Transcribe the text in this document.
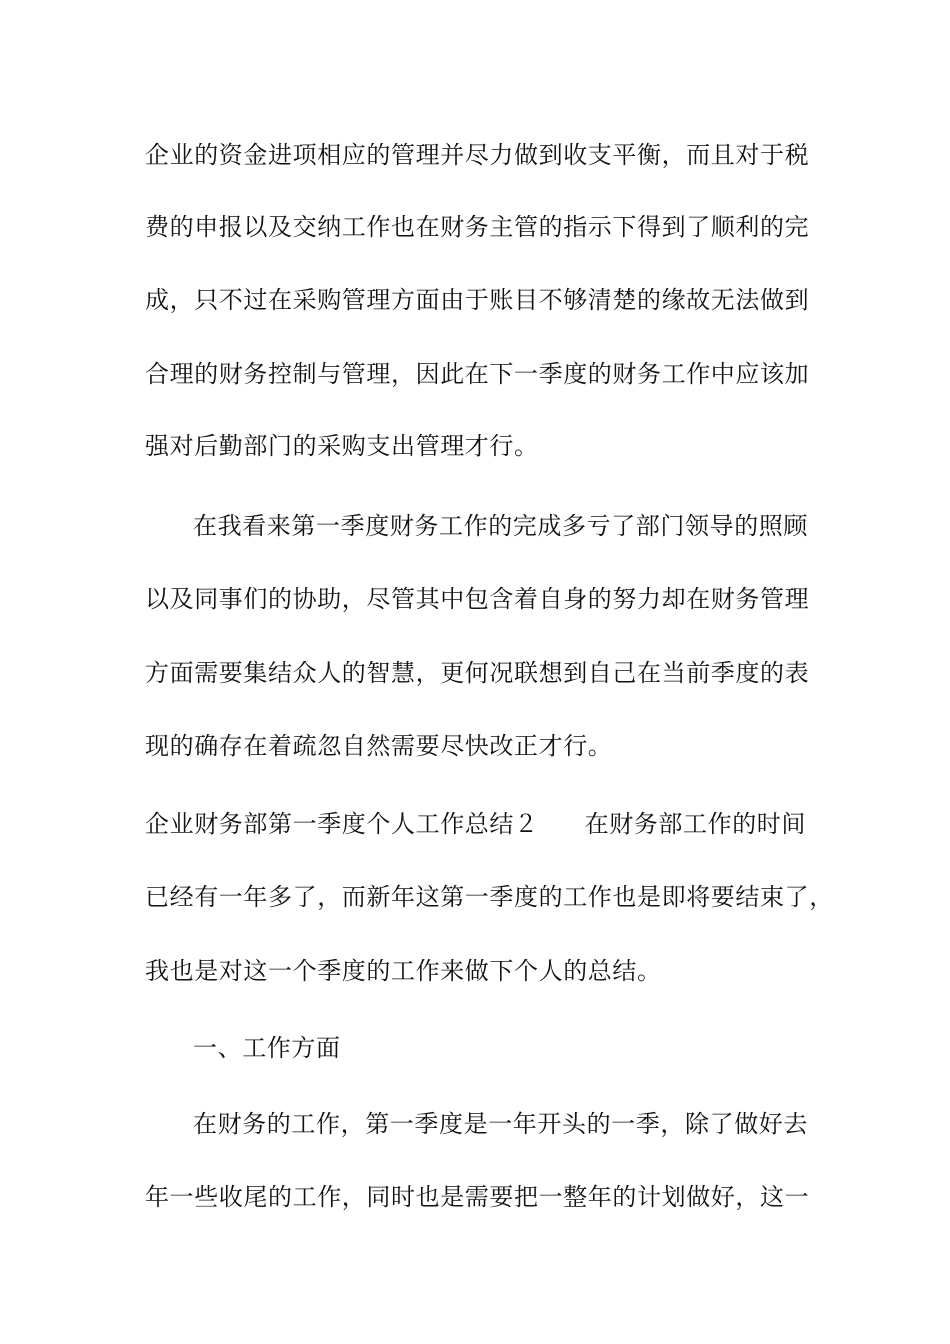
企业的资金进项相应的管理并尽力做到收支平衡，而且对于税
费的申报以及交纳工作也在财务主管的指示下得到了顺利的完
成，只不过在采购管理方面由于账目不够清楚的缘故无法做到
合理的财务控制与管理，因此在下一季度的财务工作中应该加
强对后勤部门的采购支出管理才行。
在我看来第一季度财务工作的完成多亏了部门领导的照顾
以及同事们的协助，尽管其中包含着自身的努力却在财务管理
方面需要集结众人的智慧，更何况联想到自己在当前季度的表
现的确存在着疏忽自然需要尽快改正才行。
企业财务部第一季度个人工作总结２ 在财务部工作的时间
已经有一年多了，而新年这第一季度的工作也是即将要结束了，
我也是对这一个季度的工作来做下个人的总结。
一、工作方面
在财务的工作，第一季度是一年开头的一季，除了做好去
年一些收尾的工作，同时也是需要把一整年的计划做好，这一
